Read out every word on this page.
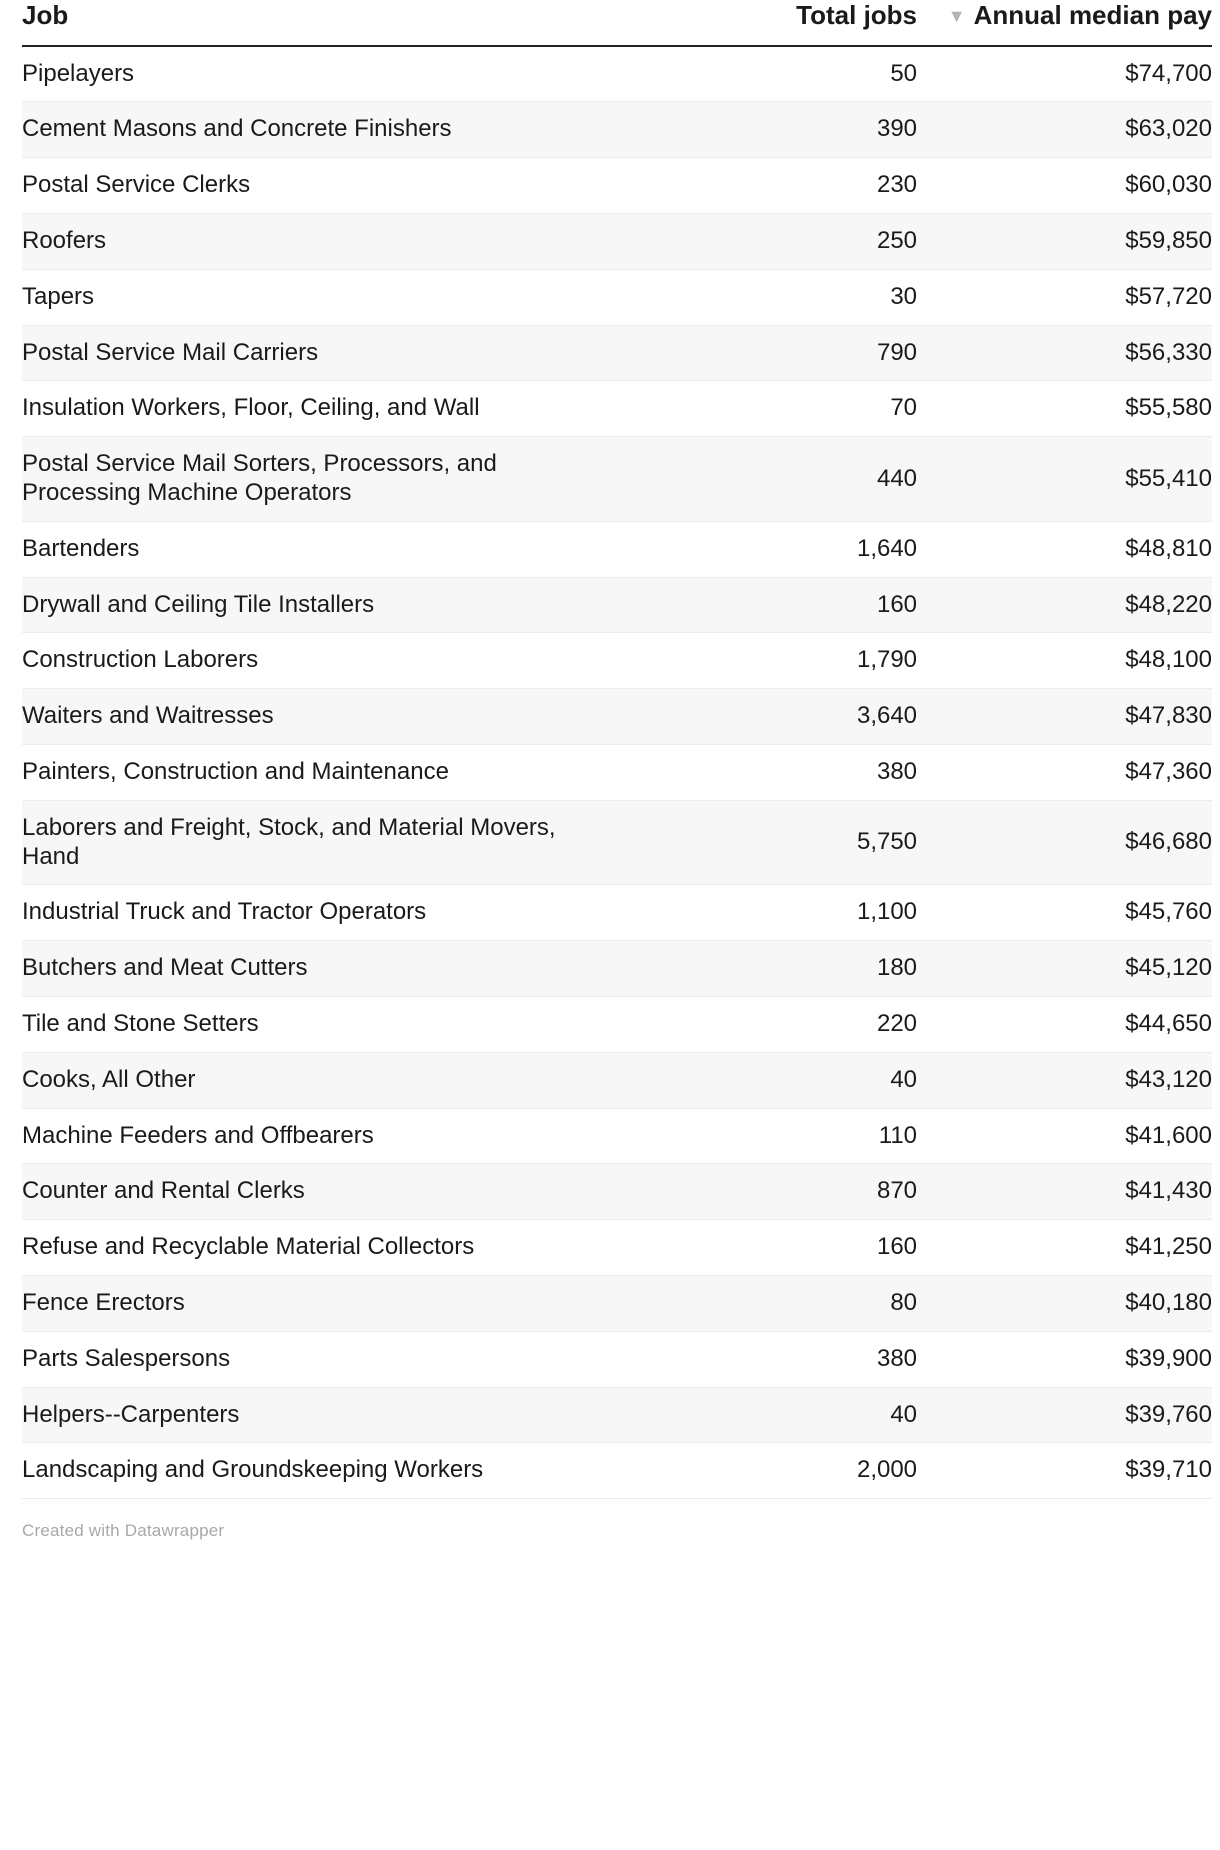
Job	Total jobs	▼ Annual median pay
Pipelayers	50	$74,700
Cement Masons and Concrete Finishers	390	$63,020
Postal Service Clerks	230	$60,030
Roofers	250	$59,850
Tapers	30	$57,720
Postal Service Mail Carriers	790	$56,330
Insulation Workers, Floor, Ceiling, and Wall	70	$55,580
Postal Service Mail Sorters, Processors, and Processing Machine Operators	440	$55,410
Bartenders	1,640	$48,810
Drywall and Ceiling Tile Installers	160	$48,220
Construction Laborers	1,790	$48,100
Waiters and Waitresses	3,640	$47,830
Painters, Construction and Maintenance	380	$47,360
Laborers and Freight, Stock, and Material Movers, Hand	5,750	$46,680
Industrial Truck and Tractor Operators	1,100	$45,760
Butchers and Meat Cutters	180	$45,120
Tile and Stone Setters	220	$44,650
Cooks, All Other	40	$43,120
Machine Feeders and Offbearers	110	$41,600
Counter and Rental Clerks	870	$41,430
Refuse and Recyclable Material Collectors	160	$41,250
Fence Erectors	80	$40,180
Parts Salespersons	380	$39,900
Helpers--Carpenters	40	$39,760
Landscaping and Groundskeeping Workers	2,000	$39,710
Created with Datawrapper
